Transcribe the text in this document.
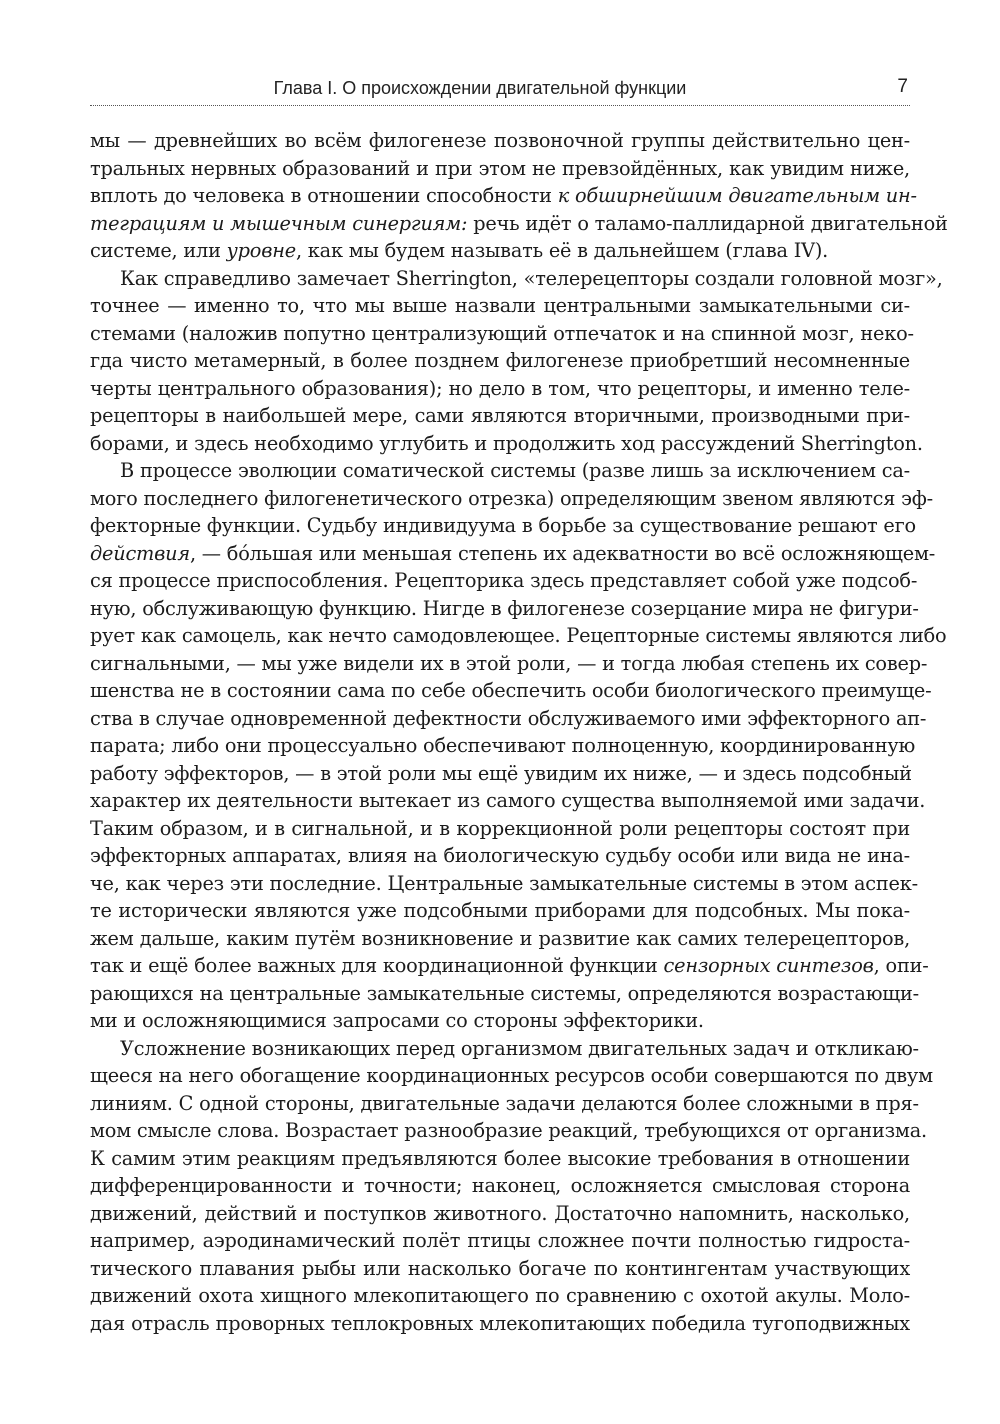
Глава I. О происхождении двигательной функции	7

мы — древнейших во всём филогенезе позвоночной группы действительно цен-
тральных нервных образований и при этом не превзойдённых, как увидим ниже,
вплоть до человека в отношении способности к обширнейшим двигательным ин-
теграциям и мышечным синергиям: речь идёт о таламо-паллидарной двигательной
системе, или уровне, как мы будем называть её в дальнейшем (глава IV).

Как справедливо замечает Sherrington, «телерецепторы создали головной мозг»,
точнее — именно то, что мы выше назвали центральными замыкательными си-
стемами (наложив попутно централизующий отпечаток и на спинной мозг, неко-
гда чисто метамерный, в более позднем филогенезе приобретший несомненные
черты центрального образования); но дело в том, что рецепторы, и именно теле-
рецепторы в наибольшей мере, сами являются вторичными, производными при-
борами, и здесь необходимо углубить и продолжить ход рассуждений Sherrington.

В процессе эволюции соматической системы (разве лишь за исключением са-
мого последнего филогенетического отрезка) определяющим звеном являются эф-
фекторные функции. Судьбу индивидуума в борьбе за существование решают его
действия, — бóльшая или меньшая степень их адекватности во всё осложняющем-
ся процессе приспособления. Рецепторика здесь представляет собой уже подсоб-
ную, обслуживающую функцию. Нигде в филогенезе созерцание мира не фигури-
рует как самоцель, как нечто самодовлеющее. Рецепторные системы являются либо
сигнальными, — мы уже видели их в этой роли, — и тогда любая степень их совер-
шенства не в состоянии сама по себе обеспечить особи биологического преимуще-
ства в случае одновременной дефектности обслуживаемого ими эффекторного ап-
парата; либо они процессуально обеспечивают полноценную, координированную
работу эффекторов, — в этой роли мы ещё увидим их ниже, — и здесь подсобный
характер их деятельности вытекает из самого существа выполняемой ими задачи.
Таким образом, и в сигнальной, и в коррекционной роли рецепторы состоят при
эффекторных аппаратах, влияя на биологическую судьбу особи или вида не ина-
че, как через эти последние. Центральные замыкательные системы в этом аспек-
те исторически являются уже подсобными приборами для подсобных. Мы пока-
жем дальше, каким путём возникновение и развитие как самих телерецепторов,
так и ещё более важных для координационной функции сензорных синтезов, опи-
рающихся на центральные замыкательные системы, определяются возрастающи-
ми и осложняющимися запросами со стороны эффекторики.

Усложнение возникающих перед организмом двигательных задач и откликаю-
щееся на него обогащение координационных ресурсов особи совершаются по двум
линиям. С одной стороны, двигательные задачи делаются более сложными в пря-
мом смысле слова. Возрастает разнообразие реакций, требующихся от организма.
К самим этим реакциям предъявляются более высокие требования в отношении
дифференцированности и точности; наконец, осложняется смысловая сторона
движений, действий и поступков животного. Достаточно напомнить, насколько,
например, аэродинамический полёт птицы сложнее почти полностью гидроста-
тического плавания рыбы или насколько богаче по контингентам участвующих
движений охота хищного млекопитающего по сравнению с охотой акулы. Моло-
дая отрасль проворных теплокровных млекопитающих победила тугоподвижных
